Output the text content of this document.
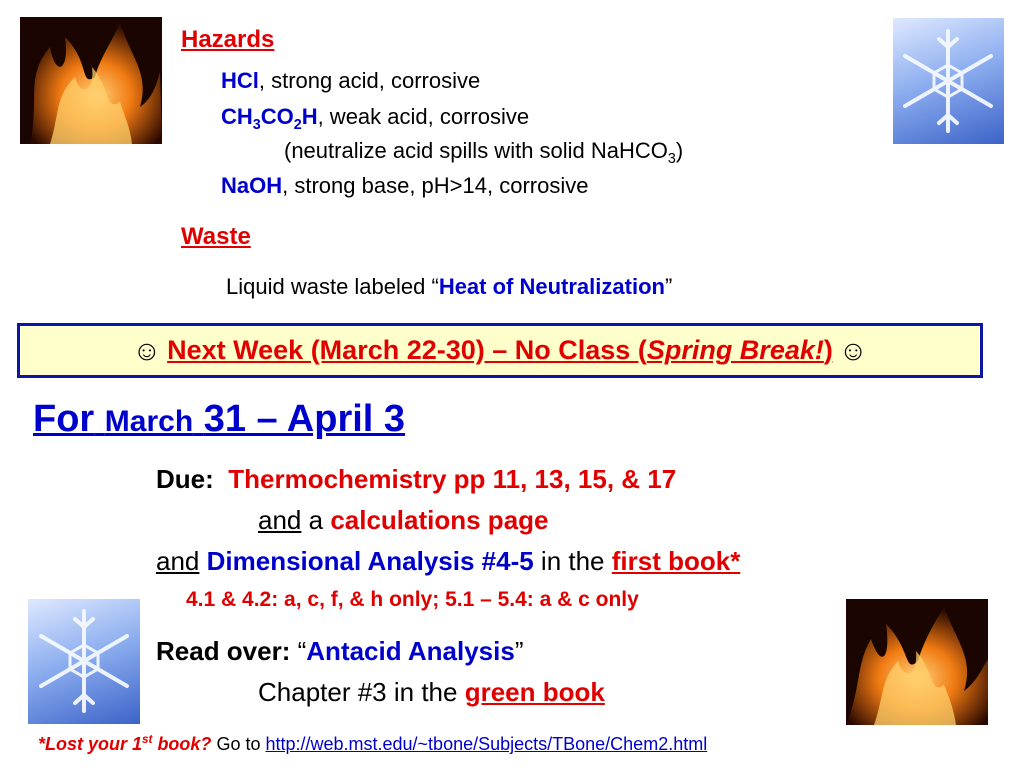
Hazards
HCl, strong acid, corrosive
$CH_3CO_2H$, weak acid, corrosive
(neutralize acid spills with solid NaHCO$_3$)
NaOH, strong base, pH>14, corrosive
Waste
Liquid waste labeled “Heat of Neutralization”
☺ Next Week (March 22-30) – No Class (Spring Break!) ☺
For March 31 – April 3
Due: Thermochemistry pp 11, 13, 15, & 17
and a calculations page
and Dimensional Analysis #4-5 in the first book*
4.1 & 4.2: a, c, f, & h only; 5.1 – 5.4: a & c only
Read over: “Antacid Analysis”
Chapter #3 in the green book
*Lost your 1st book? Go to http://web.mst.edu/~tbone/Subjects/TBone/Chem2.html
